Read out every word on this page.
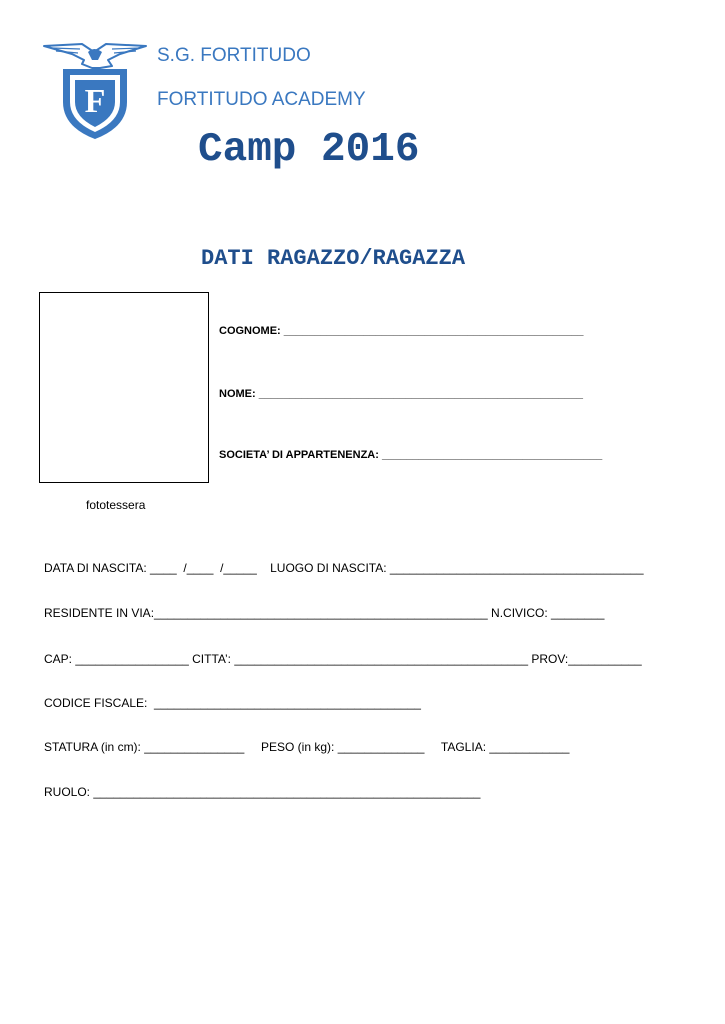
F
S.G. FORTITUDO
FORTITUDO ACADEMY
Camp 2016
DATI RAGAZZO/RAGAZZA
fototessera
COGNOME: _________________________________________________
NOME: _____________________________________________________
SOCIETA’ DI APPARTENENZA: ____________________________________
DATA DI NASCITA: ____  /____  /_____    LUOGO DI NASCITA: ______________________________________
RESIDENTE IN VIA:__________________________________________________ N.CIVICO: ________
CAP: _________________ CITTA’: ____________________________________________ PROV:___________
CODICE FISCALE:  ________________________________________
STATURA (in cm): _______________     PESO (in kg): _____________     TAGLIA: ____________
RUOLO: __________________________________________________________
